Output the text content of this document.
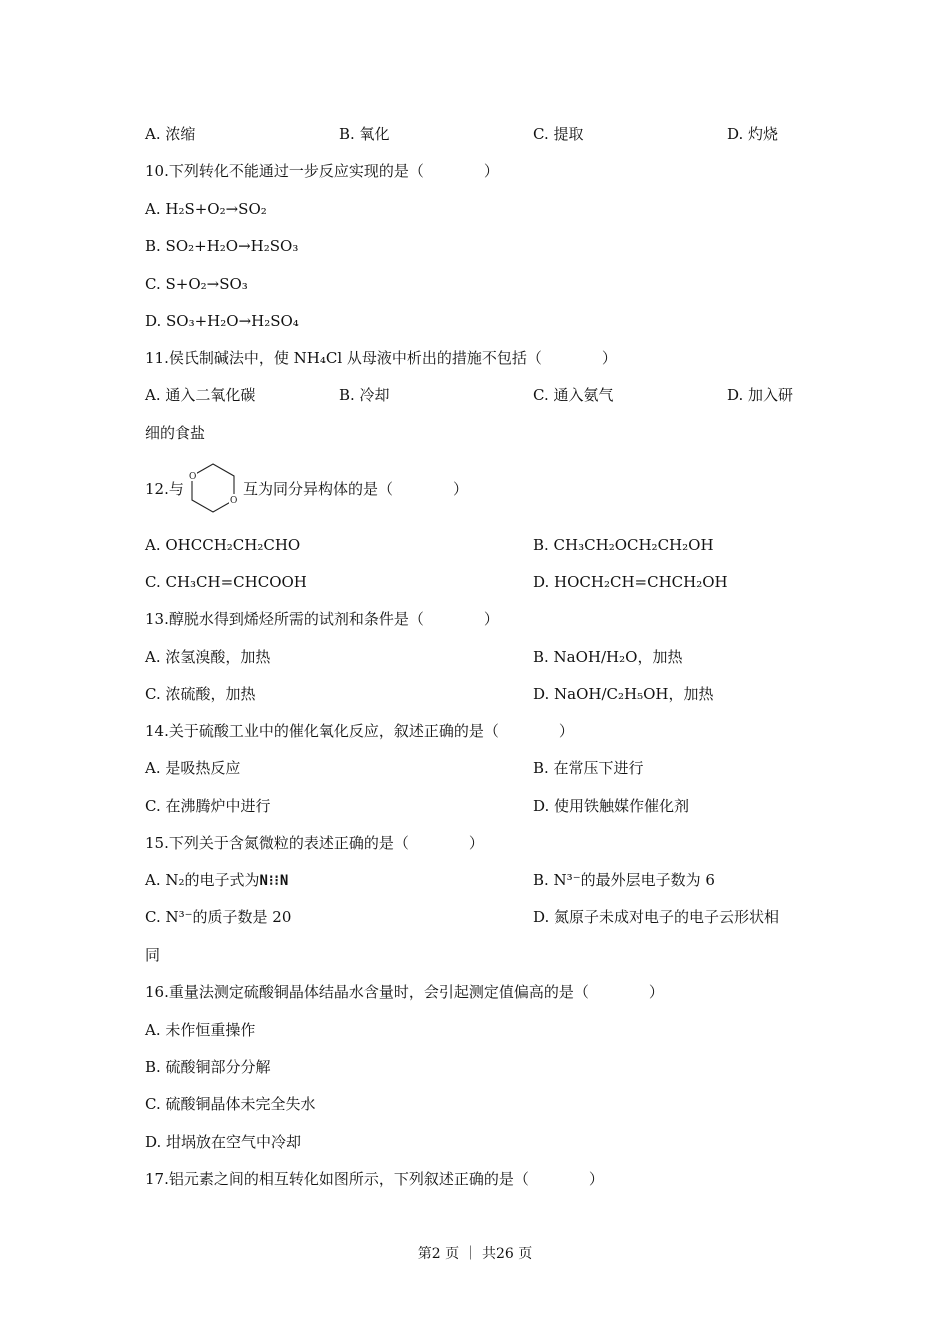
A. 浓缩	B. 氧化	C. 提取	D. 灼烧
10.下列转化不能通过一步反应实现的是（　　　　）
A. H₂S+O₂→SO₂
B. SO₂+H₂O→H₂SO₃
C. S+O₂→SO₃
D. SO₃+H₂O→H₂SO₄
11.侯氏制碱法中，使 NH₄Cl 从母液中析出的措施不包括（　　　　）
A. 通入二氧化碳	B. 冷却	C. 通入氨气	D. 加入研
细的食盐
12.与
O
O
互为同分异构体的是（　　　　）
A. OHCCH₂CH₂CHO	B. CH₃CH₂OCH₂CH₂OH
C. CH₃CH=CHCOOH	D. HOCH₂CH=CHCH₂OH
13.醇脱水得到烯烃所需的试剂和条件是（　　　　）
A. 浓氢溴酸，加热	B. NaOH/H₂O，加热
C. 浓硫酸，加热	D. NaOH/C₂H₅OH，加热
14.关于硫酸工业中的催化氧化反应，叙述正确的是（　　　　）
A. 是吸热反应	B. 在常压下进行
C. 在沸腾炉中进行	D. 使用铁触媒作催化剂
15.下列关于含氮微粒的表述正确的是（　　　　）
A. N₂的电子式为N⁝⁝N	B. N³⁻的最外层电子数为 6
C. N³⁻的质子数是 20	D. 氮原子未成对电子的电子云形状相
同
16.重量法测定硫酸铜晶体结晶水含量时，会引起测定值偏高的是（　　　　）
A. 未作恒重操作
B. 硫酸铜部分分解
C. 硫酸铜晶体未完全失水
D. 坩埚放在空气中冷却
17.铝元素之间的相互转化如图所示，下列叙述正确的是（　　　　）
第2 页 ｜ 共26 页
